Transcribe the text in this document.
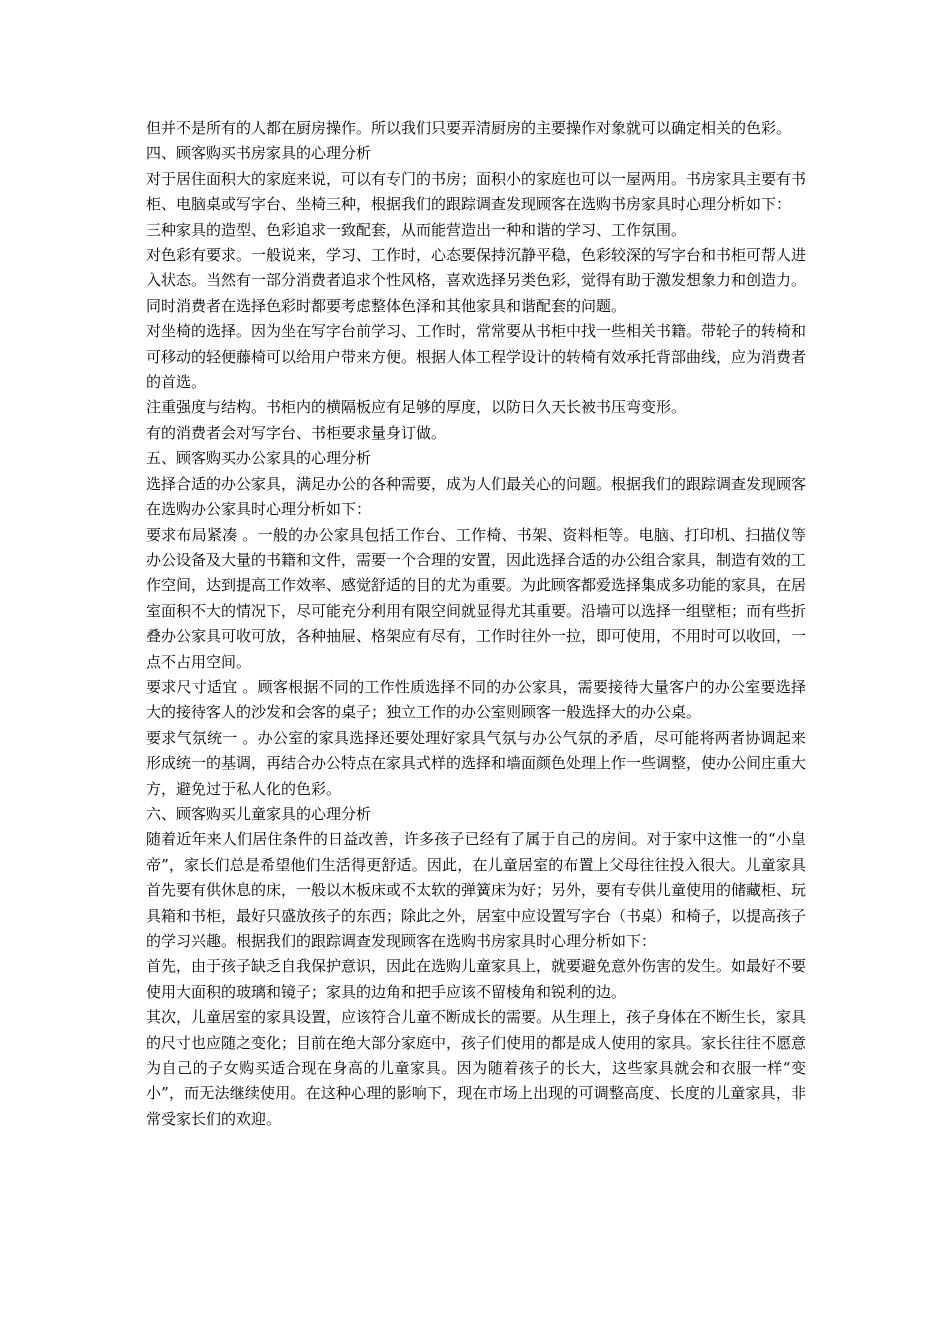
但并不是所有的人都在厨房操作。所以我们只要弄清厨房的主要操作对象就可以确定相关的色彩。

四、顾客购买书房家具的心理分析

对于居住面积大的家庭来说，可以有专门的书房；面积小的家庭也可以一屋两用。书房家具主要有书柜、电脑桌或写字台、坐椅三种，根据我们的跟踪调查发现顾客在选购书房家具时心理分析如下：

三种家具的造型、色彩追求一致配套，从而能营造出一种和谐的学习、工作氛围。

对色彩有要求。一般说来，学习、工作时，心态要保持沉静平稳，色彩较深的写字台和书柜可帮人进入状态。当然有一部分消费者追求个性风格，喜欢选择另类色彩，觉得有助于激发想象力和创造力。同时消费者在选择色彩时都要考虑整体色泽和其他家具和谐配套的问题。

对坐椅的选择。因为坐在写字台前学习、工作时，常常要从书柜中找一些相关书籍。带轮子的转椅和可移动的轻便藤椅可以给用户带来方便。根据人体工程学设计的转椅有效承托背部曲线，应为消费者的首选。

注重强度与结构。书柜内的横隔板应有足够的厚度，以防日久天长被书压弯变形。

有的消费者会对写字台、书柜要求量身订做。

五、顾客购买办公家具的心理分析

选择合适的办公家具，满足办公的各种需要，成为人们最关心的问题。根据我们的跟踪调查发现顾客在选购办公家具时心理分析如下：

要求布局紧凑 。一般的办公家具包括工作台、工作椅、书架、资料柜等。电脑、打印机、扫描仪等办公设备及大量的书籍和文件，需要一个合理的安置，因此选择合适的办公组合家具，制造有效的工作空间，达到提高工作效率、感觉舒适的目的尤为重要。为此顾客都爱选择集成多功能的家具，在居室面积不大的情况下，尽可能充分利用有限空间就显得尤其重要。沿墙可以选择一组壁柜；而有些折叠办公家具可收可放，各种抽屉、格架应有尽有，工作时往外一拉，即可使用，不用时可以收回，一点不占用空间。

要求尺寸适宜 。顾客根据不同的工作性质选择不同的办公家具，需要接待大量客户的办公室要选择大的接待客人的沙发和会客的桌子；独立工作的办公室则顾客一般选择大的办公桌。

要求气氛统一 。办公室的家具选择还要处理好家具气氛与办公气氛的矛盾，尽可能将两者协调起来形成统一的基调，再结合办公特点在家具式样的选择和墙面颜色处理上作一些调整，使办公间庄重大方，避免过于私人化的色彩。

六、顾客购买儿童家具的心理分析

随着近年来人们居住条件的日益改善，许多孩子已经有了属于自己的房间。对于家中这惟一的“小皇帝”，家长们总是希望他们生活得更舒适。因此，在儿童居室的布置上父母往往投入很大。儿童家具首先要有供休息的床，一般以木板床或不太软的弹簧床为好；另外，要有专供儿童使用的储藏柜、玩具箱和书柜，最好只盛放孩子的东西；除此之外，居室中应设置写字台（书桌）和椅子，以提高孩子的学习兴趣。根据我们的跟踪调查发现顾客在选购书房家具时心理分析如下：

首先，由于孩子缺乏自我保护意识，因此在选购儿童家具上，就要避免意外伤害的发生。如最好不要使用大面积的玻璃和镜子；家具的边角和把手应该不留棱角和锐利的边。

其次，儿童居室的家具设置，应该符合儿童不断成长的需要。从生理上，孩子身体在不断生长，家具的尺寸也应随之变化；目前在绝大部分家庭中，孩子们使用的都是成人使用的家具。家长往往不愿意为自己的子女购买适合现在身高的儿童家具。因为随着孩子的长大，这些家具就会和衣服一样“变小”，而无法继续使用。在这种心理的影响下，现在市场上出现的可调整高度、长度的儿童家具，非常受家长们的欢迎。
